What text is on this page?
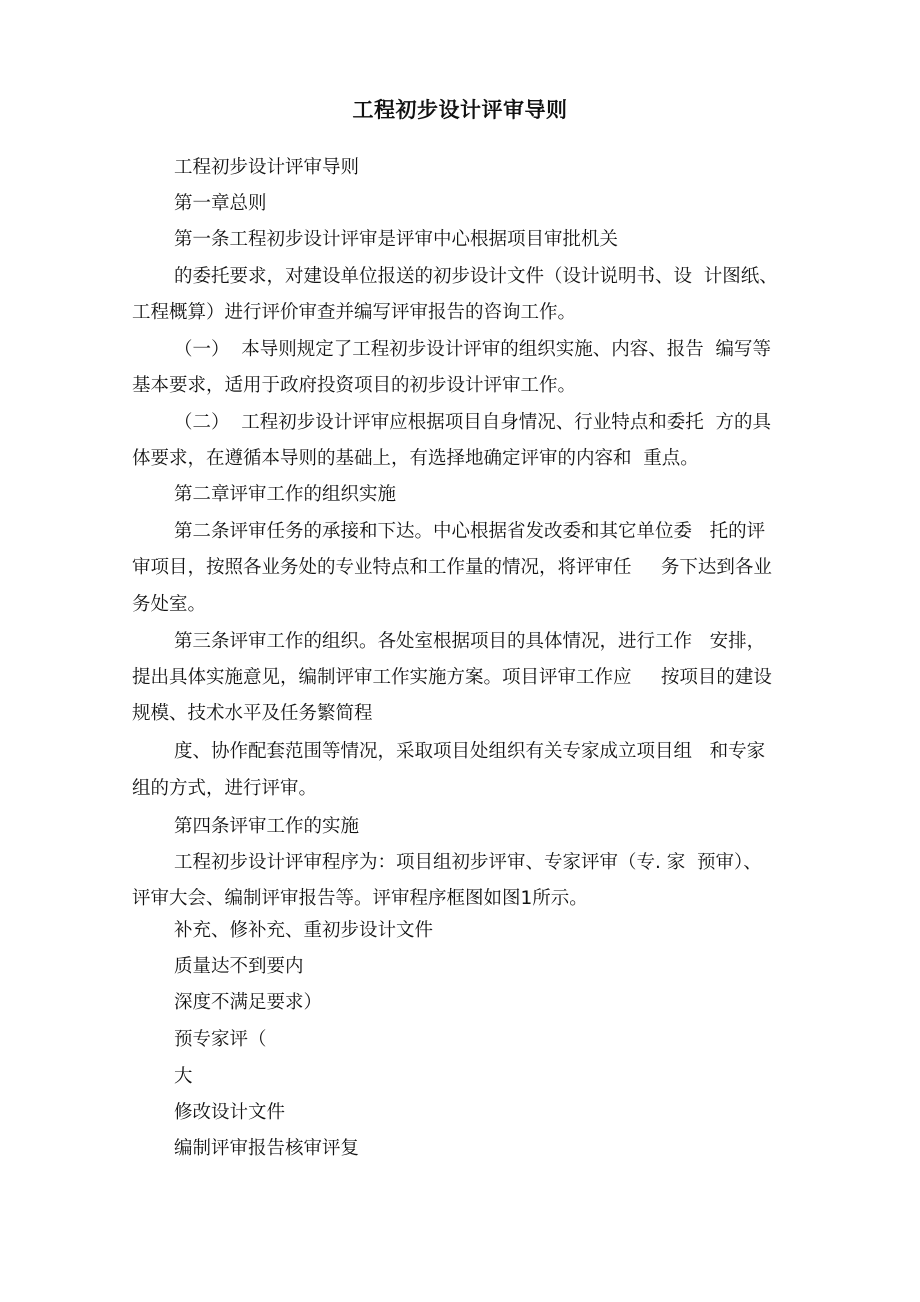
工程初步设计评审导则

工程初步设计评审导则

第一章总则

第一条工程初步设计评审是评审中心根据项目审批机关

的委托要求，对建设单位报送的初步设计文件（设计说明书、设  计图纸、

工程概算）进行评价审查并编写评审报告的咨询工作。

（一）  本导则规定了工程初步设计评审的组织实施、内容、报告  编写等

基本要求，适用于政府投资项目的初步设计评审工作。

（二）  工程初步设计评审应根据项目自身情况、行业特点和委托  方的具

体要求，在遵循本导则的基础上，有选择地确定评审的内容和  重点。

第二章评审工作的组织实施

第二条评审任务的承接和下达。中心根据省发改委和其它单位委   托的评

审项目，按照各业务处的专业特点和工作量的情况，将评审任     务下达到各业

务处室。

第三条评审工作的组织。各处室根据项目的具体情况，进行工作   安排，

提出具体实施意见，编制评审工作实施方案。项目评审工作应     按项目的建设

规模、技术水平及任务繁简程

度、协作配套范围等情况，采取项目处组织有关专家成立项目组   和专家

组的方式，进行评审。

第四条评审工作的实施

工程初步设计评审程序为：项目组初步评审、专家评审（专. 家  预审）、

评审大会、编制评审报告等。评审程序框图如图1所示。

补充、修补充、重初步设计文件

质量达不到要内

深度不满足要求）

预专家评（

大

修改设计文件

编制评审报告核审评复
